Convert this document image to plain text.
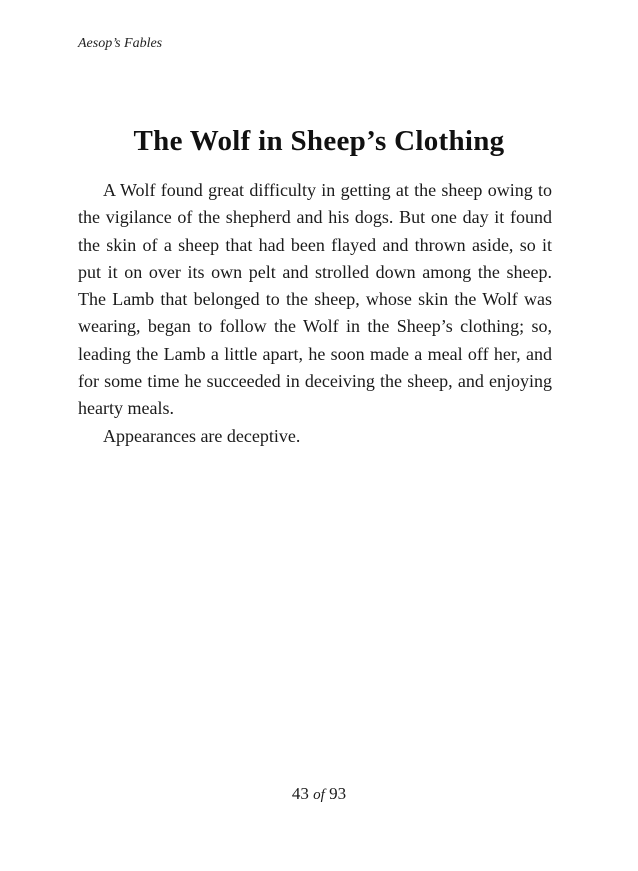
Aesop’s Fables
The Wolf in Sheep’s Clothing

A Wolf found great difficulty in getting at the sheep owing to the vigilance of the shepherd and his dogs. But one day it found the skin of a sheep that had been flayed and thrown aside, so it put it on over its own pelt and strolled down among the sheep. The Lamb that belonged to the sheep, whose skin the Wolf was wearing, began to follow the Wolf in the Sheep’s clothing; so, leading the Lamb a little apart, he soon made a meal off her, and for some time he succeeded in deceiving the sheep, and enjoying hearty meals.

Appearances are deceptive.

43 of 93
